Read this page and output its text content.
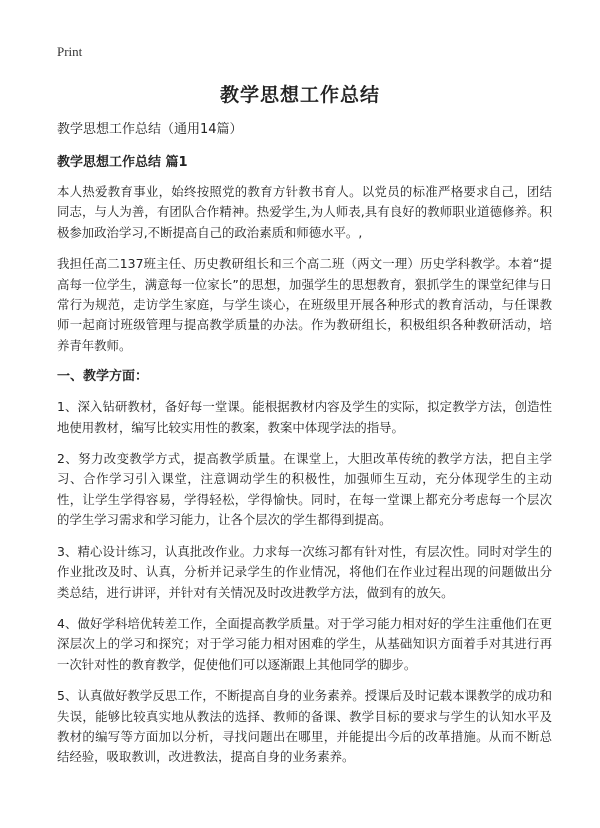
Print
教学思想工作总结

教学思想工作总结（通用14篇）

教学思想工作总结 篇1

本人热爱教育事业，始终按照党的教育方针教书育人。以党员的标准严格要求自己，团结同志，与人为善，有团队合作精神。热爱学生,为人师表,具有良好的教师职业道德修养。积极参加政治学习,不断提高自己的政治素质和师德水平。,

我担任高二137班主任、历史教研组长和三个高二班（两文一理）历史学科教学。本着“提高每一位学生，满意每一位家长”的思想，加强学生的思想教育，狠抓学生的课堂纪律与日常行为规范，走访学生家庭，与学生谈心，在班级里开展各种形式的教育活动，与任课教师一起商讨班级管理与提高教学质量的办法。作为教研组长，积极组织各种教研活动，培养青年教师。

一、教学方面：

1、深入钻研教材，备好每一堂课。能根据教材内容及学生的实际，拟定教学方法，创造性地使用教材，编写比较实用性的教案，教案中体现学法的指导。

2、努力改变教学方式，提高教学质量。在课堂上，大胆改革传统的教学方法，把自主学习、合作学习引入课堂，注意调动学生的积极性，加强师生互动，充分体现学生的主动性，让学生学得容易，学得轻松，学得愉快。同时，在每一堂课上都充分考虑每一个层次的学生学习需求和学习能力，让各个层次的学生都得到提高。

3、精心设计练习，认真批改作业。力求每一次练习都有针对性，有层次性。同时对学生的作业批改及时、认真，分析并记录学生的作业情况，将他们在作业过程出现的问题做出分类总结，进行讲评，并针对有关情况及时改进教学方法，做到有的放矢。

4、做好学科培优转差工作，全面提高教学质量。对于学习能力相对好的学生注重他们在更深层次上的学习和探究；对于学习能力相对困难的学生，从基础知识方面着手对其进行再一次针对性的教育教学，促使他们可以逐渐跟上其他同学的脚步。

5、认真做好教学反思工作，不断提高自身的业务素养。授课后及时记载本课教学的成功和失误，能够比较真实地从教法的选择、教师的备课、教学目标的要求与学生的认知水平及教材的编写等方面加以分析，寻找问题出在哪里，并能提出今后的改革措施。从而不断总结经验，吸取教训，改进教法，提高自身的业务素养。
